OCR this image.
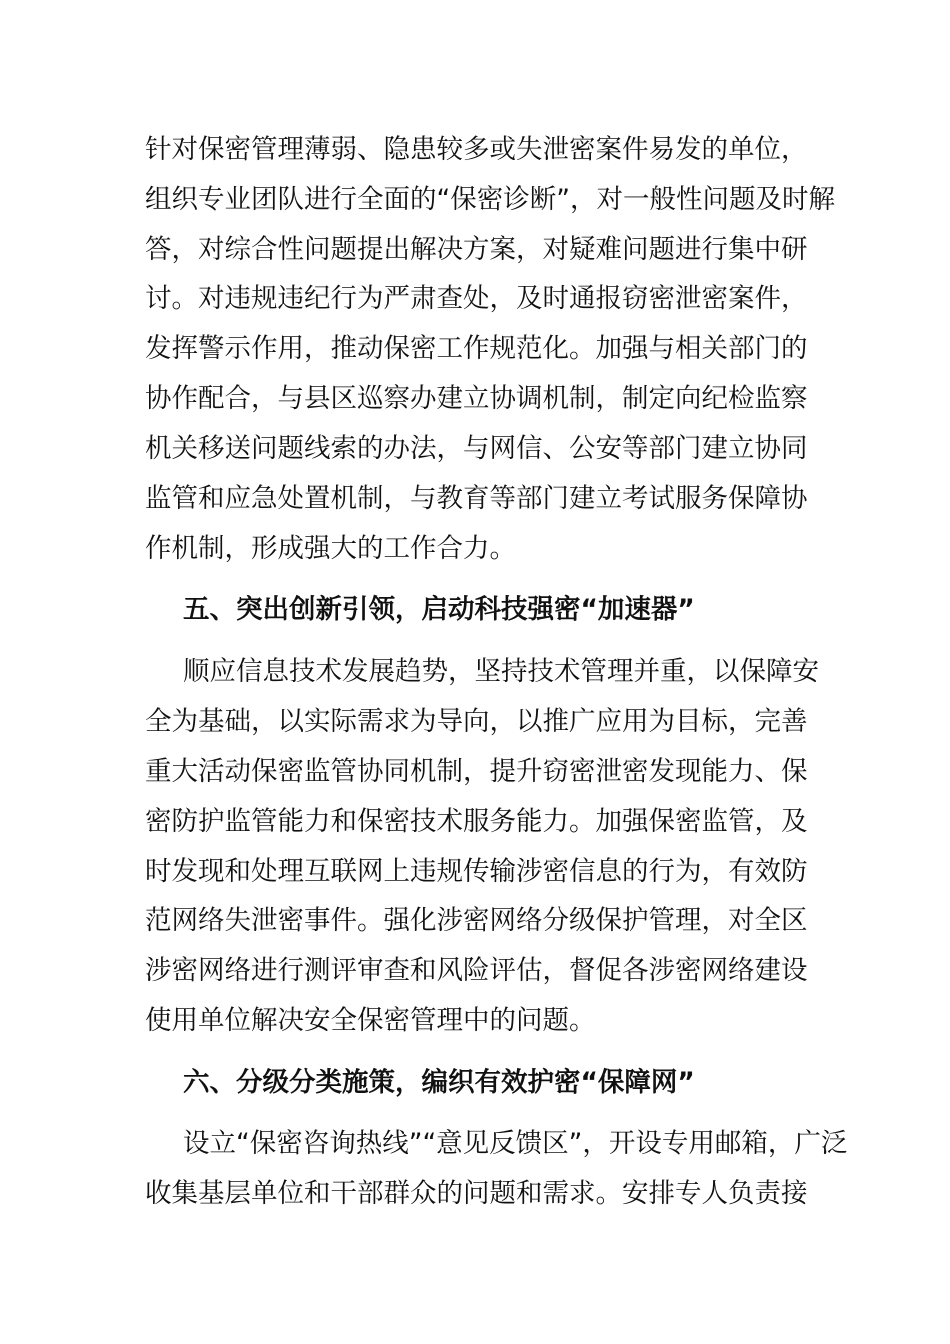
针对保密管理薄弱、隐患较多或失泄密案件易发的单位，
组织专业团队进行全面的“保密诊断”，对一般性问题及时解
答，对综合性问题提出解决方案，对疑难问题进行集中研
讨。对违规违纪行为严肃查处，及时通报窃密泄密案件，
发挥警示作用，推动保密工作规范化。加强与相关部门的
协作配合，与县区巡察办建立协调机制，制定向纪检监察
机关移送问题线索的办法，与网信、公安等部门建立协同
监管和应急处置机制，与教育等部门建立考试服务保障协
作机制，形成强大的工作合力。
五、突出创新引领，启动科技强密“加速器”
顺应信息技术发展趋势，坚持技术管理并重，以保障安
全为基础，以实际需求为导向，以推广应用为目标，完善
重大活动保密监管协同机制，提升窃密泄密发现能力、保
密防护监管能力和保密技术服务能力。加强保密监管，及
时发现和处理互联网上违规传输涉密信息的行为，有效防
范网络失泄密事件。强化涉密网络分级保护管理，对全区
涉密网络进行测评审查和风险评估，督促各涉密网络建设
使用单位解决安全保密管理中的问题。
六、分级分类施策，编织有效护密“保障网”
设立“保密咨询热线”“意见反馈区”，开设专用邮箱，广泛
收集基层单位和干部群众的问题和需求。安排专人负责接
